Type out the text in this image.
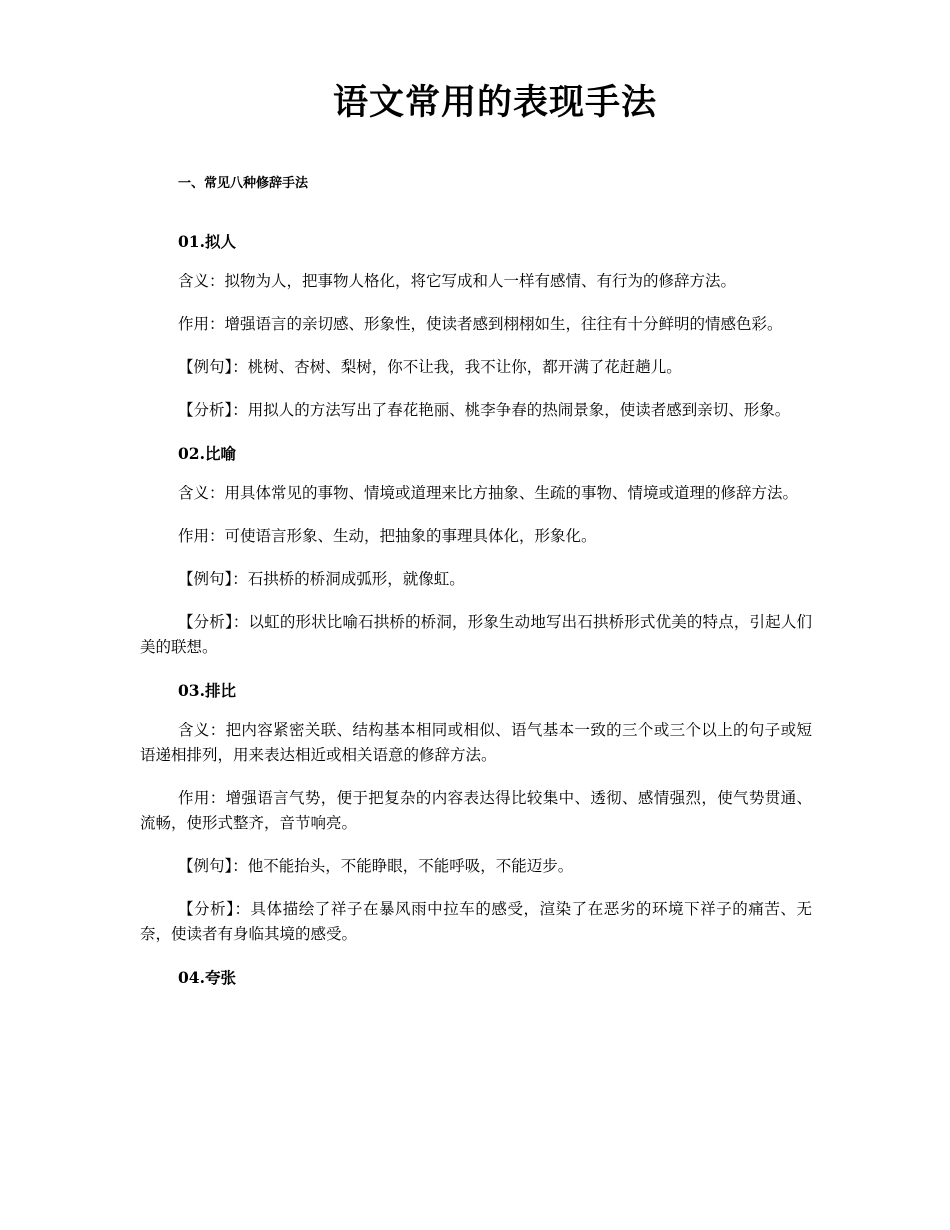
语文常用的表现手法
一、常见八种修辞手法
01.拟人

含义：拟物为人，把事物人格化，将它写成和人一样有感情、有行为的修辞方法。

作用：增强语言的亲切感、形象性，使读者感到栩栩如生，往往有十分鲜明的情感色彩。

【例句】：桃树、杏树、梨树，你不让我，我不让你，都开满了花赶趟儿。

【分析】：用拟人的方法写出了春花艳丽、桃李争春的热闹景象，使读者感到亲切、形象。

02.比喻

含义：用具体常见的事物、情境或道理来比方抽象、生疏的事物、情境或道理的修辞方法。

作用：可使语言形象、生动，把抽象的事理具体化，形象化。

【例句】：石拱桥的桥洞成弧形，就像虹。

【分析】：以虹的形状比喻石拱桥的桥洞，形象生动地写出石拱桥形式优美的特点，引起人们美的联想。

03.排比

含义：把内容紧密关联、结构基本相同或相似、语气基本一致的三个或三个以上的句子或短语递相排列，用来表达相近或相关语意的修辞方法。

作用：增强语言气势，便于把复杂的内容表达得比较集中、透彻、感情强烈，使气势贯通、流畅，使形式整齐，音节响亮。

【例句】：他不能抬头，不能睁眼，不能呼吸，不能迈步。

【分析】：具体描绘了祥子在暴风雨中拉车的感受，渲染了在恶劣的环境下祥子的痛苦、无奈，使读者有身临其境的感受。

04.夸张
